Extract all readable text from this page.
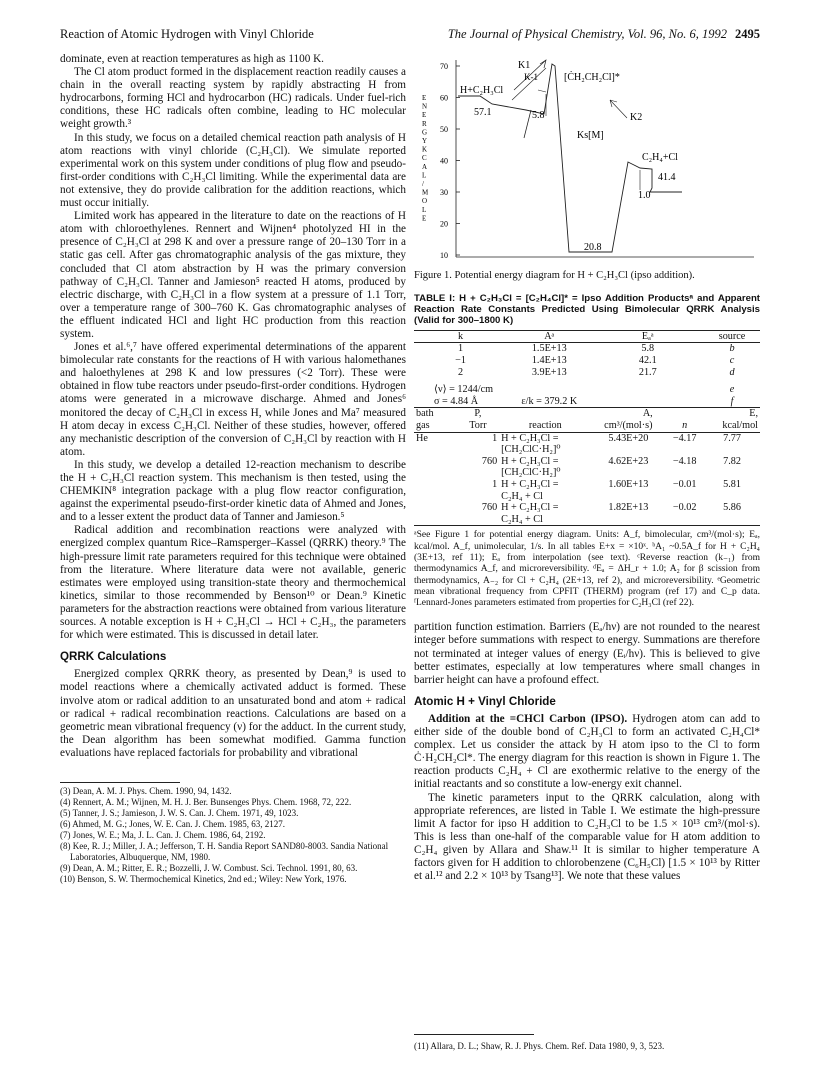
Reaction of Atomic Hydrogen with Vinyl Chloride	The Journal of Physical Chemistry, Vol. 96, No. 6, 1992 2495

dominate, even at reaction temperatures as high as 1100 K.

The Cl atom product formed in the displacement reaction readily causes a chain in the overall reacting system by rapidly abstracting H from hydrocarbons, forming HCl and hydrocarbon (HC) radicals. Under fuel-rich conditions, these HC radicals often combine, leading to HC molecular weight growth.³

In this study, we focus on a detailed chemical reaction path analysis of H atom reactions with vinyl chloride (C₂H₃Cl). We simulate reported experimental work on this system under conditions of plug flow and pseudo-first-order conditions with C₂H₃Cl limiting. While the experimental data are not extensive, they do provide calibration for the addition reactions, which must occur initially.

Limited work has appeared in the literature to date on the reactions of H atom with chloroethylenes. Rennert and Wijnen⁴ photolyzed HI in the presence of C₂H₃Cl at 298 K and over a pressure range of 20–130 Torr in a static gas cell. After gas chromatographic analysis of the gas mixture, they concluded that Cl atom abstraction by H was the primary conversion pathway of C₂H₃Cl. Tanner and Jamieson⁵ reacted H atoms, produced by electric discharge, with C₂H₃Cl in a flow system at a pressure of 1.1 Torr, over a temperature range of 300–760 K. Gas chromatographic analyses of the effluent indicated HCl and light HC production from this reaction system.

Jones et al.⁶,⁷ have offered experimental determinations of the apparent bimolecular rate constants for the reactions of H with various halomethanes and haloethylenes at 298 K and low pressures (<2 Torr). These were obtained in flow tube reactors under pseudo-first-order conditions. Hydrogen atoms were generated in a microwave discharge. Ahmed and Jones⁶ monitored the decay of C₂H₃Cl in excess H, while Jones and Ma⁷ measured H atom decay in excess C₂H₃Cl. Neither of these studies, however, offered any mechanistic description of the conversion of C₂H₃Cl by reaction with H atom.

In this study, we develop a detailed 12-reaction mechanism to describe the H + C₂H₃Cl reaction system. This mechanism is then tested, using the CHEMKIN⁸ integration package with a plug flow reactor configuration, against the experimental pseudo-first-order kinetic data of Ahmed and Jones, and to a lesser extent the product data of Tanner and Jamieson.⁵

Radical addition and recombination reactions were analyzed with energized complex quantum Rice–Ramsperger–Kassel (QRRK) theory.⁹ The high-pressure limit rate parameters required for this technique were obtained from the literature. Where literature data were not available, generic estimates were employed using transition-state theory and thermochemical kinetics, similar to those recommended by Benson¹⁰ or Dean.⁹ Kinetic parameters for the abstraction reactions were obtained from various literature sources. A notable exception is H + C₂H₃Cl → HCl + C₂H₃, the parameters for which were estimated. This is discussed in detail later.

QRRK Calculations

Energized complex QRRK theory, as presented by Dean,⁹ is used to model reactions where a chemically activated adduct is formed. These involve atom or radical addition to an unsaturated bond and atom + radical or radical + radical recombination reactions. Calculations are based on a geometric mean vibrational frequency (ν) for the adduct. In the current study, the Dean algorithm has been somewhat modified. Gamma function evaluations have replaced factorials for probability and vibrational

(3) Dean, A. M. J. Phys. Chem. 1990, 94, 1432.
(4) Rennert, A. M.; Wijnen, M. H. J. Ber. Bunsenges Phys. Chem. 1968, 72, 222.
(5) Tanner, J. S.; Jamieson, J. W. S. Can. J. Chem. 1971, 49, 1023.
(6) Ahmed, M. G.; Jones, W. E. Can. J. Chem. 1985, 63, 2127.
(7) Jones, W. E.; Ma, J. L. Can. J. Chem. 1986, 64, 2192.
(8) Kee, R. J.; Miller, J. A.; Jefferson, T. H. Sandia Report SAND80-8003. Sandia National Laboratories, Albuquerque, NM, 1980.
(9) Dean, A. M.; Ritter, E. R.; Bozzelli, J. W. Combust. Sci. Technol. 1991, 80, 63.
(10) Benson, S. W. Thermochemical Kinetics, 2nd ed.; Wiley: New York, 1976.
E N E R G Y K C A L / M O L E
70
60
50
40
30
20
10
K1
K-1	[ĊH₂CH₂Cl]*
H+C₂H₃Cl
57.1	5.8	K2
Ks[M]
C₂H₄+Cl
41.4
1.0
20.8
Figure 1. Potential energy diagram for H + C₂H₃Cl (ipso addition).
TABLE I: H + C₂H₃Cl = [C₂H₄Cl]* = Ipso Addition Productsᵃ and Apparent Reaction Rate Constants Predicted Using Bimolecular QRRK Analysis (Valid for 300–1800 K)
k			Aᵃ	Eₐᵃ		source
1			1.5E+13	5.8		b
−1			1.4E+13	42.1		c
2			3.9E+13	21.7		d
⟨ν⟩ = 1244/cm						e
σ = 4.84 Å			ε/k = 379.2 K			f
bath	P,			A,		E,
gas	Torr	reaction		cm³/(mol·s)	n	kcal/mol
He	1	H + C₂H₃Cl =
[CH₂ClC·H₂]⁰		5.43E+20	−4.17	7.77
	760	H + C₂H₃Cl =
[CH₂ClC·H₂]⁰		4.62E+23	−4.18	7.82
	1	H + C₂H₃Cl =
C₂H₄ + Cl		1.60E+13	−0.01	5.81
	760	H + C₂H₃Cl =
C₂H₄ + Cl		1.82E+13	−0.02	5.86
ᵃSee Figure 1 for potential energy diagram. Units: A_f, bimolecular, cm³/(mol·s); Eₐ, kcal/mol. A_f, unimolecular, 1/s. In all tables E+x = ×10ˣ. ᵇA₁ ~0.5A_f for H + C₂H₄ (3E+13, ref 11); Eₐ from interpolation (see text). ᶜReverse reaction (k₋₁) from thermodynamics A_f, and microreversibility. ᵈEₐ = ΔH_r + 1.0; A₂ for β scission from thermodynamics, A₋₂ for Cl + C₂H₄ (2E+13, ref 2), and microreversibility. ᵉGeometric mean vibrational frequency from CPFIT (THERM) program (ref 17) and C_p data. ᶠLennard-Jones parameters estimated from properties for C₂H₃Cl (ref 22).

partition function estimation. Barriers (Eₐ/hν) are not rounded to the nearest integer before summations with respect to energy. Summations are therefore not terminated at integer values of energy (Eᵢ/hν). This is believed to give better estimates, especially at low temperatures where small changes in barrier height can have a profound effect.

Atomic H + Vinyl Chloride

Addition at the =CHCl Carbon (IPSO). Hydrogen atom can add to either side of the double bond of C₂H₃Cl to form an activated C₂H₄Cl* complex. Let us consider the attack by H atom ipso to the Cl to form Ċ·H₂CH₂Cl*. The energy diagram for this reaction is shown in Figure 1. The reaction products C₂H₄ + Cl are exothermic relative to the energy of the initial reactants and so constitute a low-energy exit channel.

The kinetic parameters input to the QRRK calculation, along with appropriate references, are listed in Table I. We estimate the high-pressure limit A factor for ipso H addition to C₂H₃Cl to be 1.5 × 10¹³ cm³/(mol·s). This is less than one-half of the comparable value for H atom addition to C₂H₄ given by Allara and Shaw.¹¹ It is similar to higher temperature A factors given for H addition to chlorobenzene (C₆H₅Cl) [1.5 × 10¹³ by Ritter et al.¹² and 2.2 × 10¹³ by Tsang¹³]. We note that these values

(11) Allara, D. L.; Shaw, R. J. Phys. Chem. Ref. Data 1980, 9, 3, 523.
